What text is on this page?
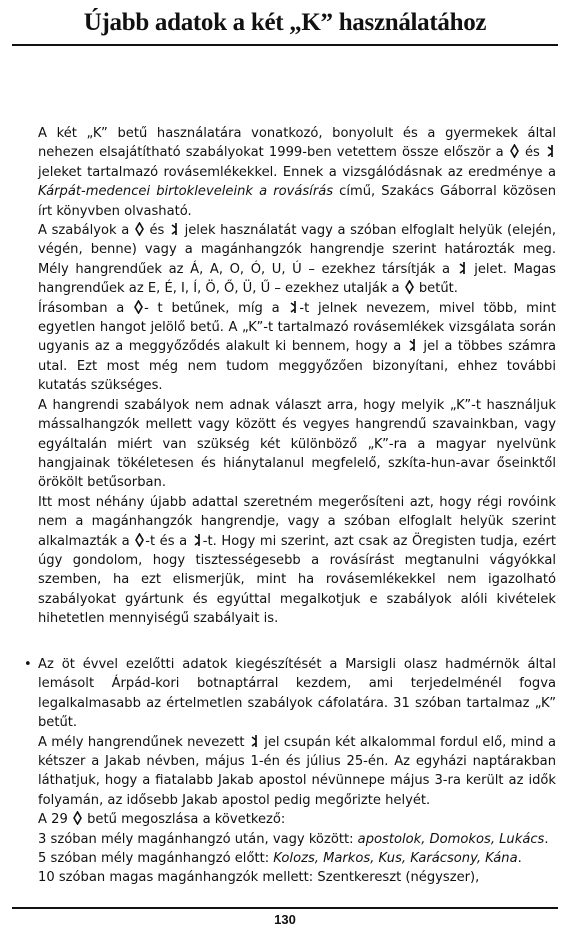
Újabb adatok a két „K” használatához

A két „K” betű használatára vonatkozó, bonyolult és a gyermekek által nehezen elsajátítható szabályokat 1999-ben vetettem össze először a
és
jeleket tartalmazó rovásemlékekkel. Ennek a vizsgálódásnak az eredménye a Kárpát-medencei birtokleveleink a rovásírás című, Szakács Gáborral közösen írt könyvben olvasható.

A szabályok a
és
jelek használatát vagy a szóban elfoglalt helyük (elején, végén, benne) vagy a magánhangzók hangrendje szerint határozták meg. Mély hangrendűek az Á, A, O, Ó, U, Ú – ezekhez társítják a
jelet. Magas hangrendűek az E, É, I, Í, Ö, Ő, Ü, Ű – ezekhez utalják a
betűt.

Írásomban a
- t betűnek, míg a
-t jelnek nevezem, mivel több, mint egyetlen hangot jelölő betű. A „K”-t tartalmazó rovásemlékek vizsgálata során ugyanis az a meggyőződés alakult ki bennem, hogy a
jel a többes számra utal. Ezt most még nem tudom meggyőzően bizonyítani, ehhez további kutatás szükséges.

A hangrendi szabályok nem adnak választ arra, hogy melyik „K”-t használjuk mássalhangzók mellett vagy között és vegyes hangrendű szavainkban, vagy egyáltalán miért van szükség két különböző „K”-ra a magyar nyelvünk hangjainak tökéletesen és hiánytalanul megfelelő, szkíta-hun-avar őseinktől örökölt betűsorban.

Itt most néhány újabb adattal szeretném megerősíteni azt, hogy régi rovóink nem a magánhangzók hangrendje, vagy a szóban elfoglalt helyük szerint alkalmazták a
-t és a
-t. Hogy mi szerint, azt csak az Öregisten tudja, ezért úgy gondolom, hogy tisztességesebb a rovásírást megtanulni vágyókkal szemben, ha ezt elismerjük, mint ha rovásemlékekkel nem igazolható szabályokat gyártunk és egyúttal megalkotjuk e szabályok alóli kivételek hihetetlen mennyiségű szabályait is.

• Az öt évvel ezelőtti adatok kiegészítését a Marsigli olasz hadmérnök által lemásolt Árpád-kori botnaptárral kezdem, ami terjedelménél fogva legalkalmasabb az értelmetlen szabályok cáfolatára. 31 szóban tartalmaz „K” betűt.

A mély hangrendűnek nevezett
jel csupán két alkalommal fordul elő, mind a kétszer a Jakab névben, május 1-én és július 25-én. Az egyházi naptárakban láthatjuk, hogy a fiatalabb Jakab apostol névünnepe május 3-ra került az idők folyamán, az idősebb Jakab apostol pedig megőrizte helyét.

A 29
betű megoszlása a következő:

3 szóban mély magánhangzó után, vagy között: apostolok, Domokos, Lukács.

5 szóban mély magánhangzó előtt: Kolozs, Markos, Kus, Karácsony, Kána.

10 szóban magas magánhangzók mellett: Szentkereszt (négyszer),

130
